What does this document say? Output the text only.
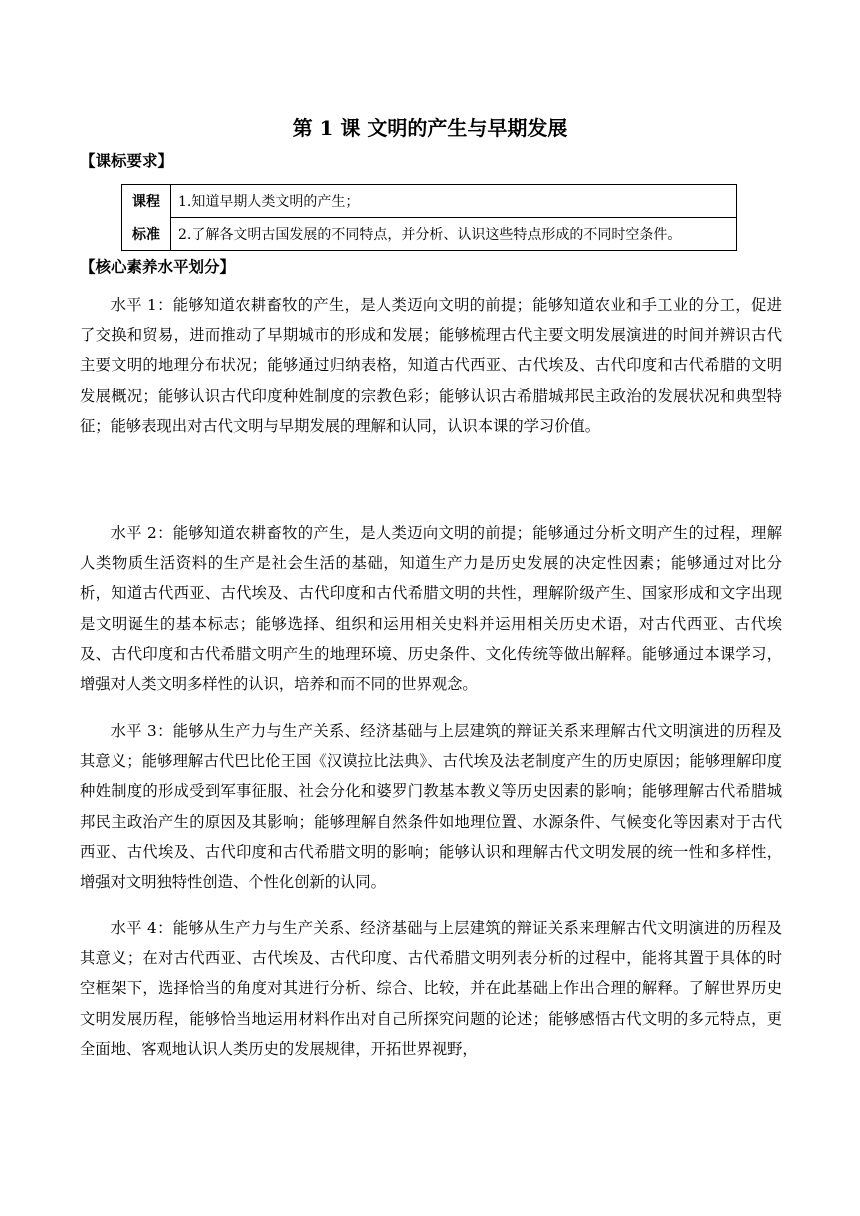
第 1 课 文明的产生与早期发展
【课标要求】
课程	1.知道早期人类文明的产生；
标准	2.了解各文明古国发展的不同特点，并分析、认识这些特点形成的不同时空条件。
【核心素养水平划分】

水平 1：能够知道农耕畜牧的产生，是人类迈向文明的前提；能够知道农业和手工业的分工，促进了交换和贸易，进而推动了早期城市的形成和发展；能够梳理古代主要文明发展演进的时间并辨识古代主要文明的地理分布状况；能够通过归纳表格，知道古代西亚、古代埃及、古代印度和古代希腊的文明发展概况；能够认识古代印度种姓制度的宗教色彩；能够认识古希腊城邦民主政治的发展状况和典型特征；能够表现出对古代文明与早期发展的理解和认同，认识本课的学习价值。

水平 2：能够知道农耕畜牧的产生，是人类迈向文明的前提；能够通过分析文明产生的过程，理解人类物质生活资料的生产是社会生活的基础，知道生产力是历史发展的决定性因素；能够通过对比分析，知道古代西亚、古代埃及、古代印度和古代希腊文明的共性，理解阶级产生、国家形成和文字出现是文明诞生的基本标志；能够选择、组织和运用相关史料并运用相关历史术语，对古代西亚、古代埃及、古代印度和古代希腊文明产生的地理环境、历史条件、文化传统等做出解释。能够通过本课学习，增强对人类文明多样性的认识，培养和而不同的世界观念。

水平 3：能够从生产力与生产关系、经济基础与上层建筑的辩证关系来理解古代文明演进的历程及其意义；能够理解古代巴比伦王国《汉谟拉比法典》、古代埃及法老制度产生的历史原因；能够理解印度种姓制度的形成受到军事征服、社会分化和婆罗门教基本教义等历史因素的影响；能够理解古代希腊城邦民主政治产生的原因及其影响；能够理解自然条件如地理位置、水源条件、气候变化等因素对于古代西亚、古代埃及、古代印度和古代希腊文明的影响；能够认识和理解古代文明发展的统一性和多样性，增强对文明独特性创造、个性化创新的认同。

水平 4：能够从生产力与生产关系、经济基础与上层建筑的辩证关系来理解古代文明演进的历程及其意义；在对古代西亚、古代埃及、古代印度、古代希腊文明列表分析的过程中，能将其置于具体的时空框架下，选择恰当的角度对其进行分析、综合、比较，并在此基础上作出合理的解释。了解世界历史文明发展历程，能够恰当地运用材料作出对自己所探究问题的论述；能够感悟古代文明的多元特点，更全面地、客观地认识人类历史的发展规律，开拓世界视野，
